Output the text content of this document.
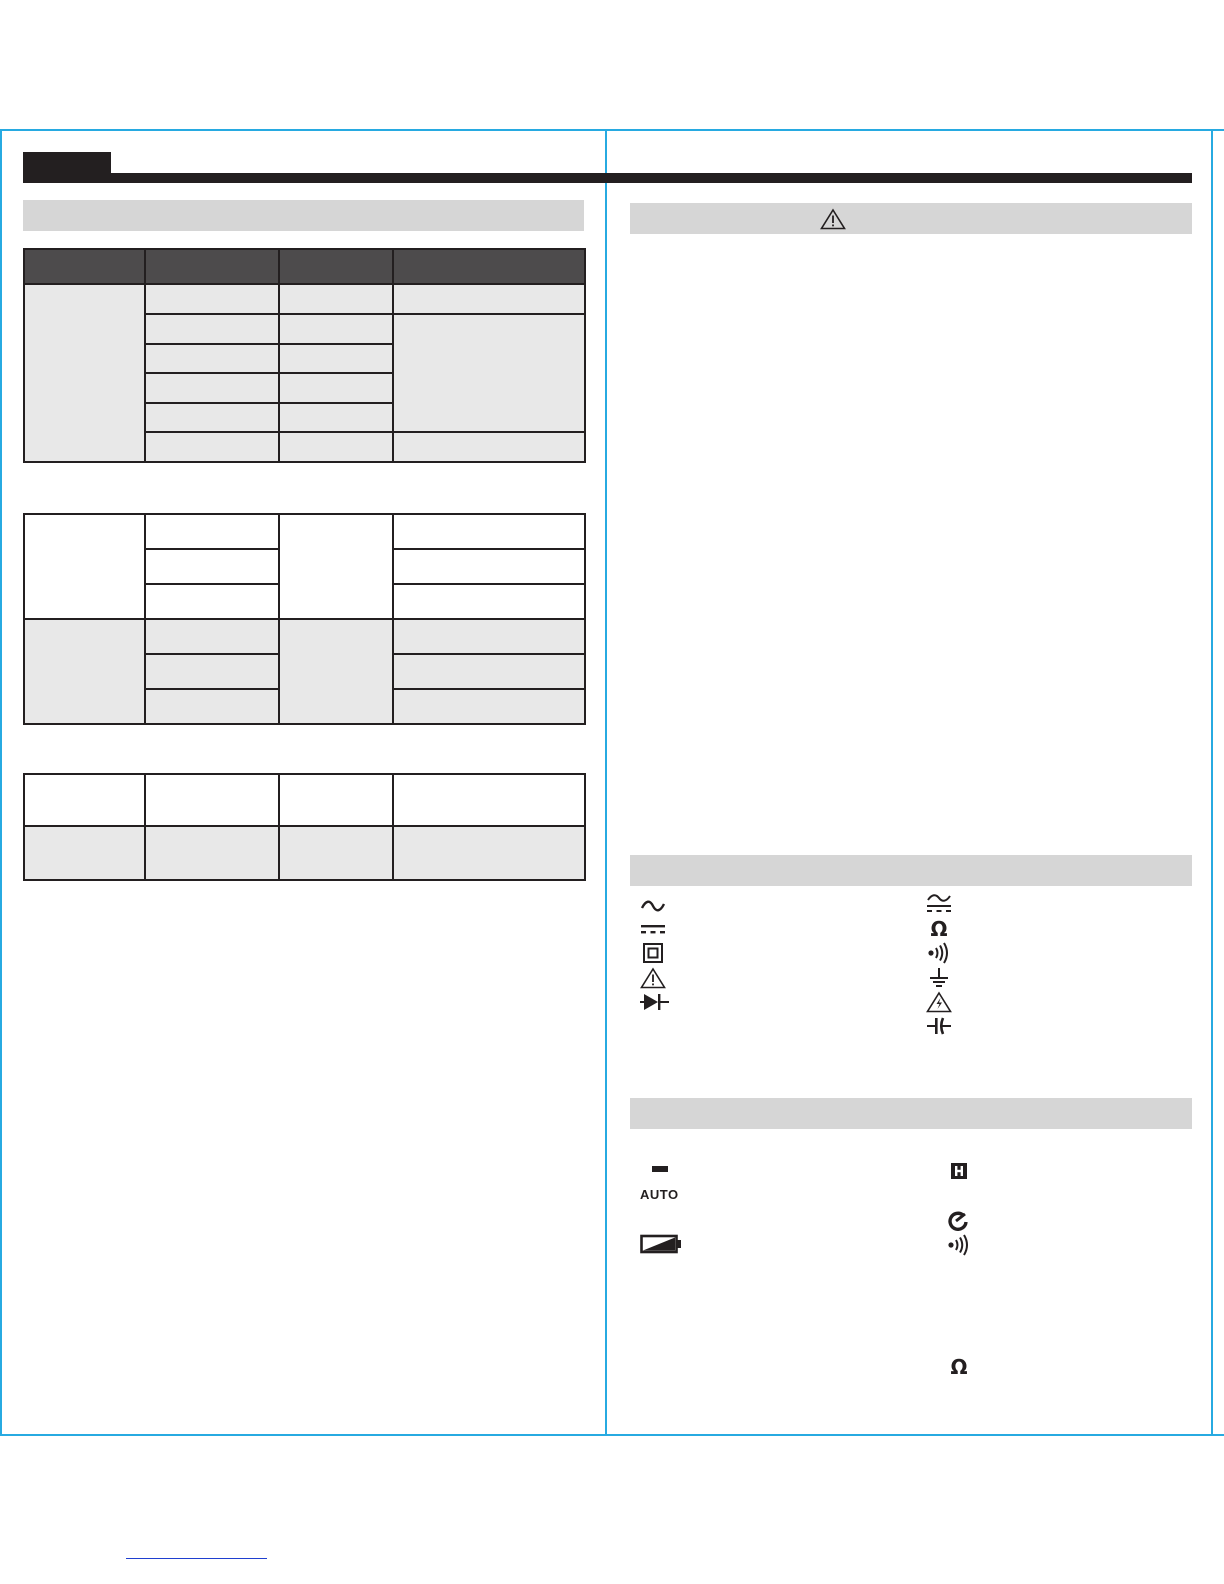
Ω
AUTO
Ω
